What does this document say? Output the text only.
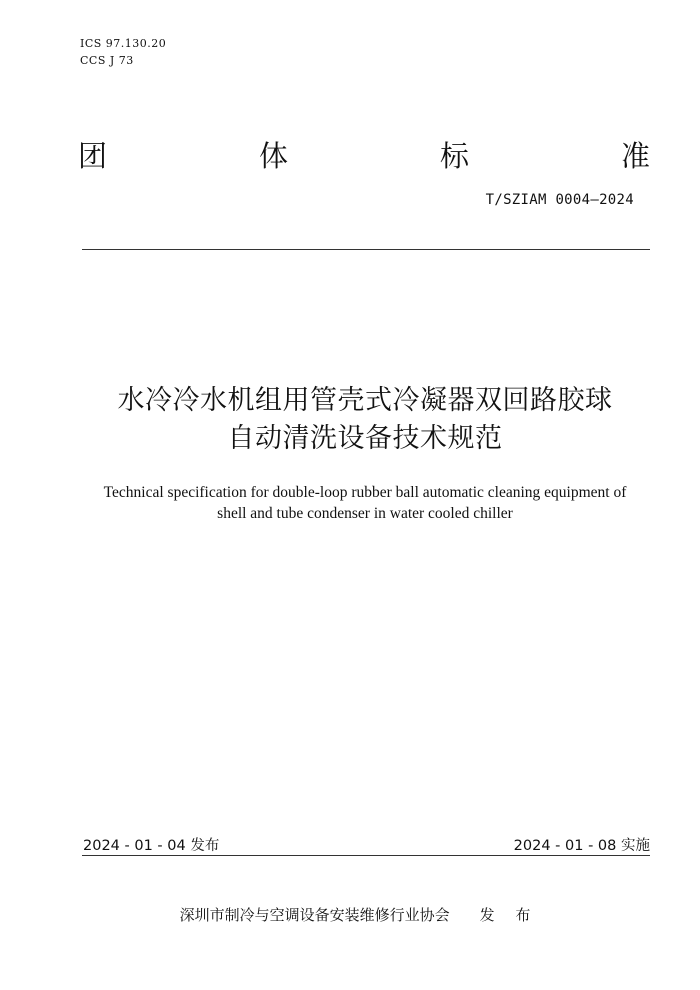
ICS 97.130.20
CCS J 73
团	体	标	准
T/SZIAM 0004—2024
水冷冷水机组用管壳式冷凝器双回路胶球
自动清洗设备技术规范
Technical specification for double-loop rubber ball automatic cleaning equipment of
shell and tube condenser in water cooled chiller
2024 - 01 - 04 发布	2024 - 01 - 08 实施
深圳市制冷与空调设备安装维修行业协会 发 布
